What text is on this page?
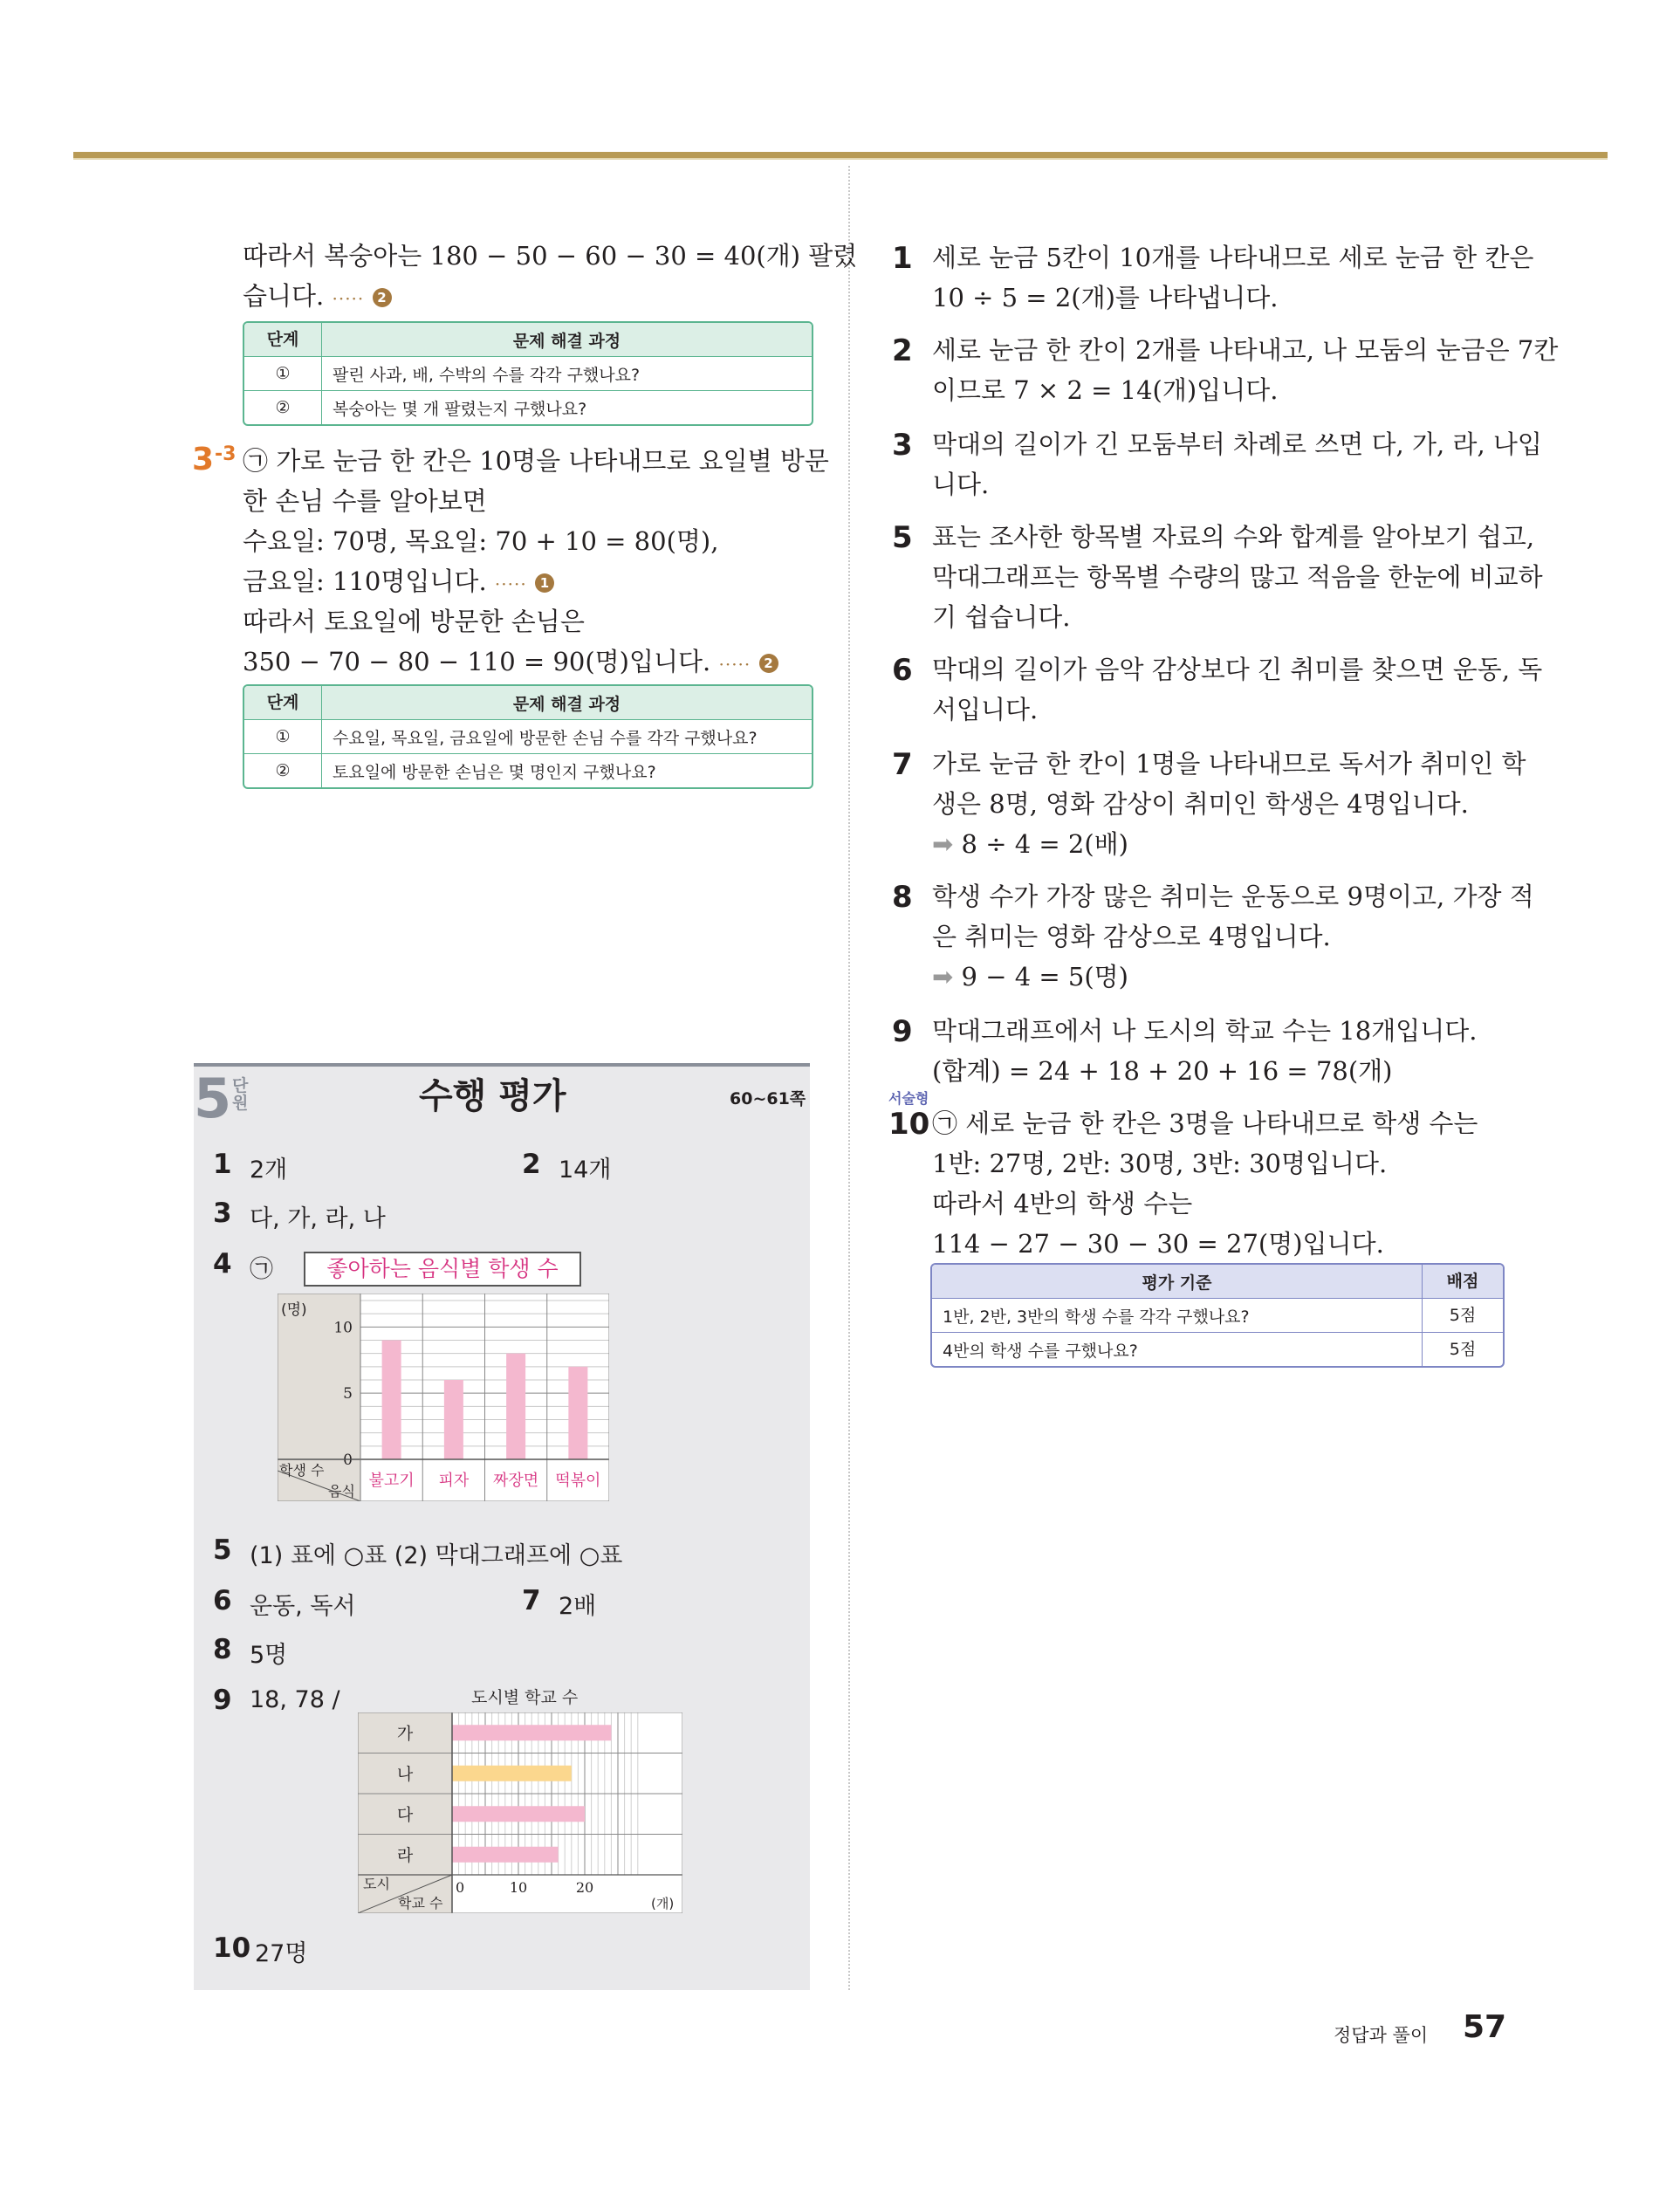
따라서 복숭아는 180 − 50 − 60 − 30 = 40(개) 팔렸
습니다. ····· 2
단계	문제 해결 과정
①	팔린 사과, 배, 수박의 수를 각각 구했나요?
②	복숭아는 몇 개 팔렸는지 구했나요?
3 -3 ㉠ 가로 눈금 한 칸은 10명을 나타내므로 요일별 방문
한 손님 수를 알아보면
수요일: 70명, 목요일: 70 + 10 = 80(명),
금요일: 110명입니다. ····· 1
따라서 토요일에 방문한 손님은
350 − 70 − 80 − 110 = 90(명)입니다. ····· 2
단계	문제 해결 과정
①	수요일, 목요일, 금요일에 방문한 손님 수를 각각 구했나요?
②	토요일에 방문한 손님은 몇 명인지 구했나요?
5 단원	수행 평가	60~61쪽
1 2개	2 14개
3 다, 가, 라, 나
4 ㉠	좋아하는 음식별 학생 수
0
5
10
불고기 피자 짜장면 떡볶이
(명)
학생 수
음식
5 (1) 표에 ○표 (2) 막대그래프에 ○표
6 운동, 독서	7 2배
8 5명
9 18, 78 /	도시별 학교 수
가
나
다
라
0	10	20
도시
학교 수	(개)
10 27명
1 세로 눈금 5칸이 10개를 나타내므로 세로 눈금 한 칸은
10 ÷ 5 = 2(개)를 나타냅니다.
2 세로 눈금 한 칸이 2개를 나타내고, 나 모둠의 눈금은 7칸
이므로 7 × 2 = 14(개)입니다.
3 막대의 길이가 긴 모둠부터 차례로 쓰면 다, 가, 라, 나입
니다.
5 표는 조사한 항목별 자료의 수와 합계를 알아보기 쉽고,
막대그래프는 항목별 수량의 많고 적음을 한눈에 비교하
기 쉽습니다.
6 막대의 길이가 음악 감상보다 긴 취미를 찾으면 운동, 독
서입니다.
7 가로 눈금 한 칸이 1명을 나타내므로 독서가 취미인 학
생은 8명, 영화 감상이 취미인 학생은 4명입니다.
➡ 8 ÷ 4 = 2(배)
8 학생 수가 가장 많은 취미는 운동으로 9명이고, 가장 적
은 취미는 영화 감상으로 4명입니다.
➡ 9 − 4 = 5(명)
9 막대그래프에서 나 도시의 학교 수는 18개입니다.
(합계) = 24 + 18 + 20 + 16 = 78(개)
서술형
10 ㉠ 세로 눈금 한 칸은 3명을 나타내므로 학생 수는
1반: 27명, 2반: 30명, 3반: 30명입니다.
따라서 4반의 학생 수는
114 − 27 − 30 − 30 = 27(명)입니다.
평가 기준	배점
1반, 2반, 3반의 학생 수를 각각 구했나요?	5점
4반의 학생 수를 구했나요?	5점
정답과 풀이 57
